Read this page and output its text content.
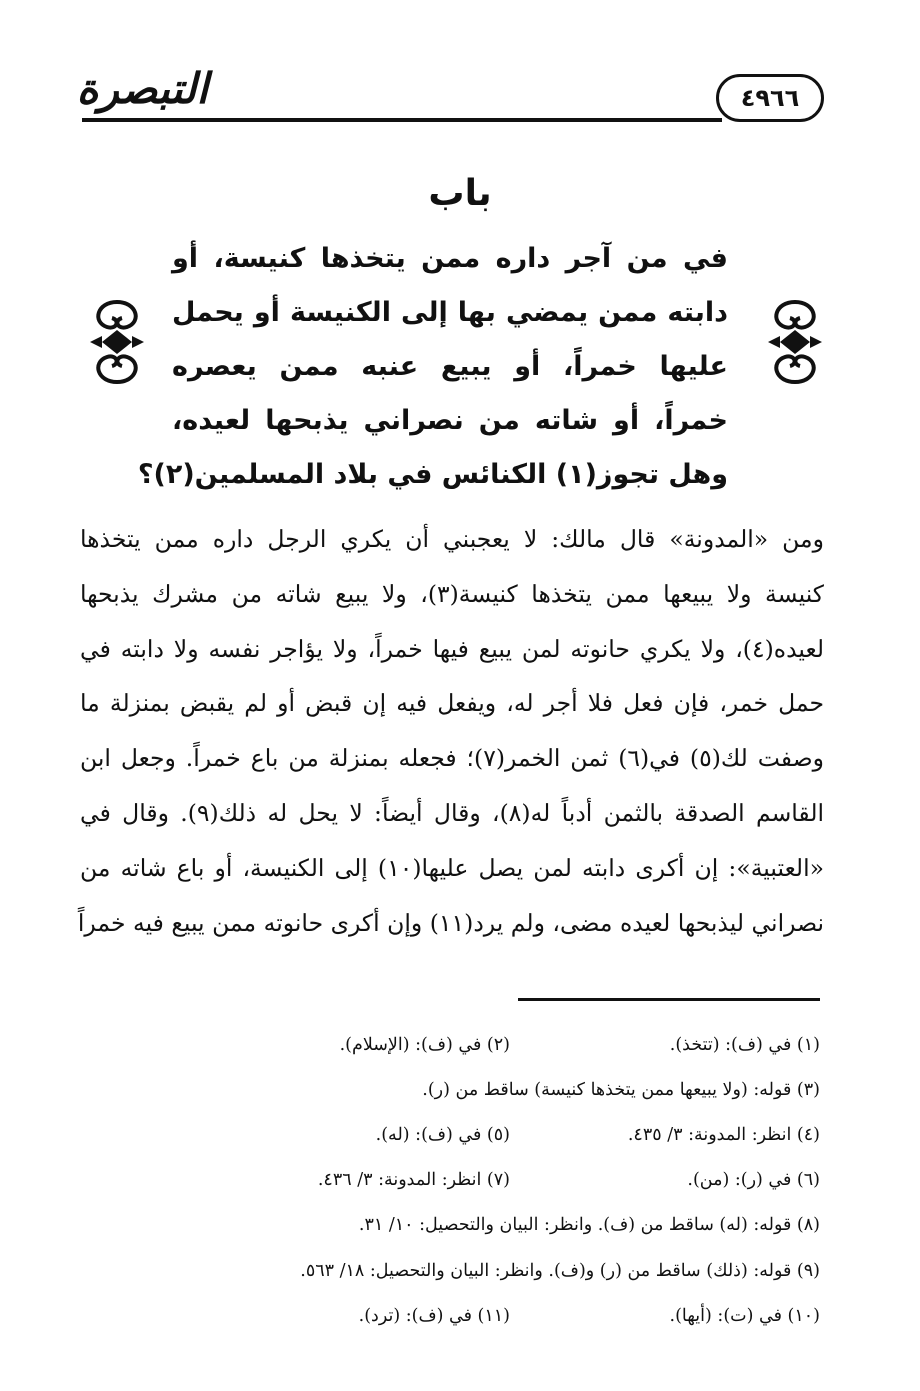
التبصرة	٤٩٦٦
باب
في من آجر داره ممن يتخذها كنيسة، أو
دابته ممن يمضي بها إلى الكنيسة أو يحمل
عليها خمراً، أو يبيع عنبه ممن يعصره
خمراً، أو شاته من نصراني يذبحها لعيده،
وهل تجوز(١) الكنائس في بلاد المسلمين(٢)؟
ومن «المدونة» قال مالك: لا يعجبني أن يكري الرجل داره ممن يتخذها
كنيسة ولا يبيعها ممن يتخذها كنيسة(٣)، ولا يبيع شاته من مشرك يذبحها
لعيده(٤)، ولا يكري حانوته لمن يبيع فيها خمراً، ولا يؤاجر نفسه ولا دابته في
حمل خمر، فإن فعل فلا أجر له، ويفعل فيه إن قبض أو لم يقبض بمنزلة ما
وصفت لك(٥) في(٦) ثمن الخمر(٧)؛ فجعله بمنزلة من باع خمراً. وجعل ابن
القاسم الصدقة بالثمن أدباً له(٨)، وقال أيضاً: لا يحل له ذلك(٩). وقال في
«العتبية»: إن أكرى دابته لمن يصل عليها(١٠) إلى الكنيسة، أو باع شاته من
نصراني ليذبحها لعيده مضى، ولم يرد(١١) وإن أكرى حانوته ممن يبيع فيه خمراً
(١) في (ف): (تتخذ).
(٢) في (ف): (الإسلام).
(٣) قوله: (ولا يبيعها ممن يتخذها كنيسة) ساقط من (ر).
(٤) انظر: المدونة: ٣/ ٤٣٥.
(٥) في (ف): (له).
(٦) في (ر): (من).
(٧) انظر: المدونة: ٣/ ٤٣٦.
(٨) قوله: (له) ساقط من (ف). وانظر: البيان والتحصيل: ١٠/ ٣١.
(٩) قوله: (ذلك) ساقط من (ر) و(ف). وانظر: البيان والتحصيل: ١٨/ ٥٦٣.
(١٠) في (ت): (أيها).
(١١) في (ف): (ترد).
